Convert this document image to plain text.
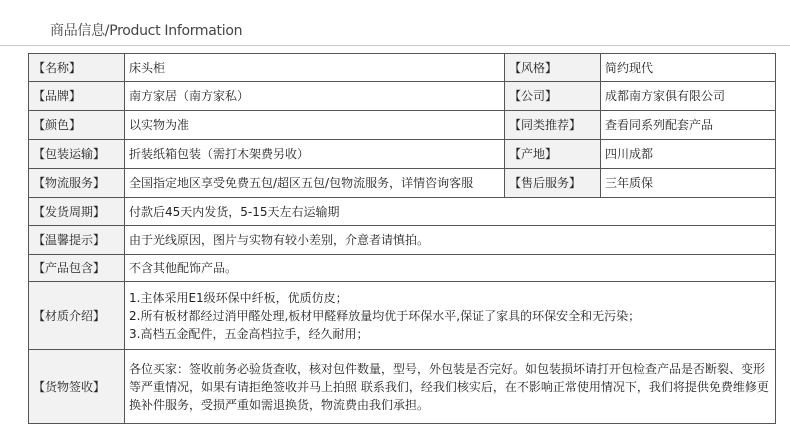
商品信息/Product Information
【名称】	床头柜	【风格】	简约现代
【品牌】	南方家居（南方家私）	【公司】	成都南方家俱有限公司
【颜色】	以实物为准	【同类推荐】	查看同系列配套产品
【包装运输】	折装纸箱包装（需打木架费另收）	【产地】	四川成都
【物流服务】	全国指定地区享受免费五包/超区五包/包物流服务，详情咨询客服	【售后服务】	三年质保
【发货周期】	付款后45天内发货，5-15天左右运输期		
【温馨提示】	由于光线原因，图片与实物有较小差别，介意者请慎拍。		
【产品包含】	不含其他配饰产品。		
【材质介绍】	1.主体采用E1级环保中纤板，优质仿皮；
2.所有板材都经过消甲醛处理,板材甲醛释放量均优于环保水平,保证了家具的环保安全和无污染；
3.高档五金配件，五金高档拉手，经久耐用；		

【货物签收】	各位买家：签收前务必验货查收，核对包件数量，型号，外包装是否完好。如包装损坏请打开包检查产品是否断裂、变形
等严重情况，如果有请拒绝签收并马上拍照 联系我们，经我们核实后，在不影响正常使用情况下，我们将提供免费维修更
换补件服务，受损严重如需退换货，物流费由我们承担。		
